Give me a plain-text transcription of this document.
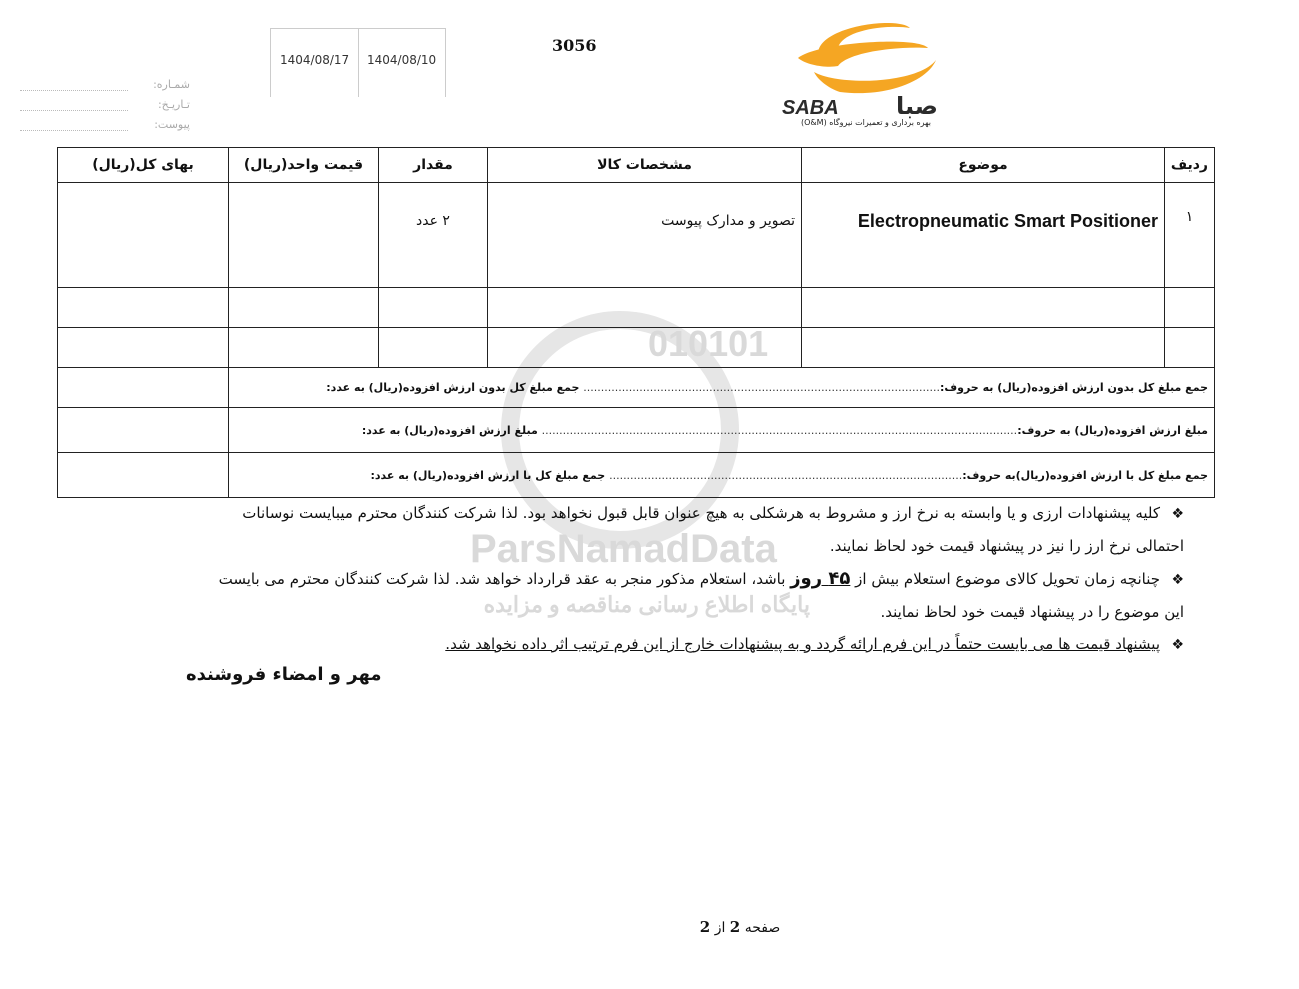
3056
1404/08/17 1404/08/10
شمـاره:
تـاریـخ:
پیوست:
SABA صبا
بهره برداری و تعمیرات نیروگاه (O&M)
010101
ParsNamadData
پایگاه اطلاع رسانی مناقصه و مزایده
ردیف	موضوع	مشخصات کالا	مقدار	قیمت واحد(ریال)	بهای کل(ریال)
۱	Electropneumatic Smart Positioner	تصویر و مدارک پیوست	۲ عدد		

جمع مبلغ کل بدون ارزش افزوده(ریال) به حروف:...................................................................................................... جمع مبلغ کل بدون ارزش افزوده(ریال) به عدد:					
مبلغ ارزش افزوده(ریال) به حروف:........................................................................................................................................ مبلغ ارزش افزوده(ریال) به عدد:					
جمع مبلغ کل با ارزش افزوده(ریال)به حروف:..................................................................................................... جمع مبلغ کل با ارزش افزوده(ریال) به عدد:					
❖کلیه پیشنهادات ارزی و یا وابسته به نرخ ارز و مشروط به هرشکلی به هیچ عنوان قابل قبول نخواهد بود. لذا شرکت کنندگان محترم میبایست نوسانات
احتمالی نرخ ارز را نیز در پیشنهاد قیمت خود لحاظ نمایند.
❖چنانچه زمان تحویل کالای موضوع استعلام بیش از ۴۵ روز باشد، استعلام مذکور منجر به عقد قرارداد خواهد شد. لذا شرکت کنندگان محترم می بایست
این موضوع را در پیشنهاد قیمت خود لحاظ نمایند.
❖پیشنهاد قیمت ها می بایست حتماً در این فرم ارائه گردد و به پیشنهادات خارج از این فرم ترتیب اثر داده نخواهد شد.
مهر و امضاء فروشنده
صفحه 2 از 2
